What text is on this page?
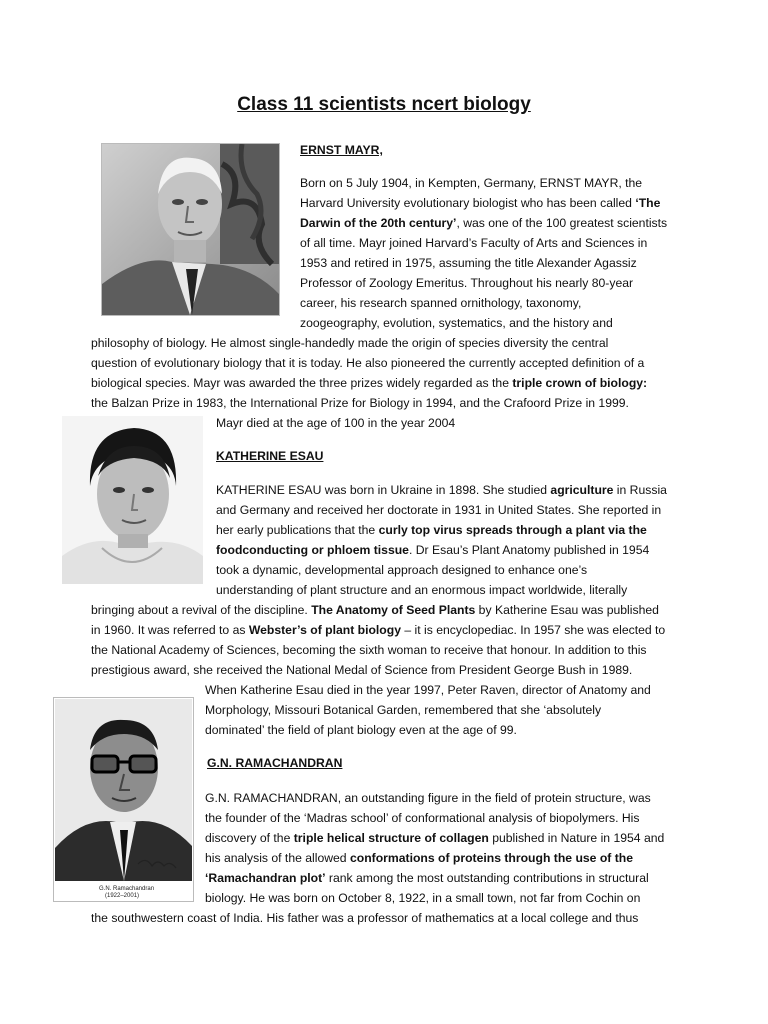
Class 11 scientists ncert biology
ERNST MAYR,

Born on 5 July 1904, in Kempten, Germany, ERNST MAYR, the

Harvard University evolutionary biologist who has been called ‘The

Darwin of the 20th century’, was one of the 100 greatest scientists

of all time. Mayr joined Harvard’s Faculty of Arts and Sciences in

1953 and retired in 1975, assuming the title Alexander Agassiz

Professor of Zoology Emeritus. Throughout his nearly 80-year

career, his research spanned ornithology, taxonomy,

zoogeography, evolution, systematics, and the history and

philosophy of biology. He almost single-handedly made the origin of species diversity the central

question of evolutionary biology that it is today. He also pioneered the currently accepted definition of a

biological species. Mayr was awarded the three prizes widely regarded as the triple crown of biology:

the Balzan Prize in 1983, the International Prize for Biology in 1994, and the Crafoord Prize in 1999.

Mayr died at the age of 100 in the year 2004

KATHERINE ESAU

KATHERINE ESAU was born in Ukraine in 1898. She studied agriculture in Russia

and Germany and received her doctorate in 1931 in United States. She reported in

her early publications that the curly top virus spreads through a plant via the

foodconducting or phloem tissue. Dr Esau’s Plant Anatomy published in 1954

took a dynamic, developmental approach designed to enhance one’s

understanding of plant structure and an enormous impact worldwide, literally

bringing about a revival of the discipline. The Anatomy of Seed Plants by Katherine Esau was published

in 1960. It was referred to as Webster’s of plant biology – it is encyclopediac. In 1957 she was elected to

the National Academy of Sciences, becoming the sixth woman to receive that honour. In addition to this

prestigious award, she received the National Medal of Science from President George Bush in 1989.

When Katherine Esau died in the year 1997, Peter Raven, director of Anatomy and

Morphology, Missouri Botanical Garden, remembered that she ‘absolutely

dominated’ the field of plant biology even at the age of 99.

G.N. Ramachandran
(1922–2001)
G.N. RAMACHANDRAN

G.N. RAMACHANDRAN, an outstanding figure in the field of protein structure, was

the founder of the ‘Madras school’ of conformational analysis of biopolymers. His

discovery of the triple helical structure of collagen published in Nature in 1954 and

his analysis of the allowed conformations of proteins through the use of the

‘Ramachandran plot’ rank among the most outstanding contributions in structural

biology. He was born on October 8, 1922, in a small town, not far from Cochin on

the southwestern coast of India. His father was a professor of mathematics at a local college and thus
